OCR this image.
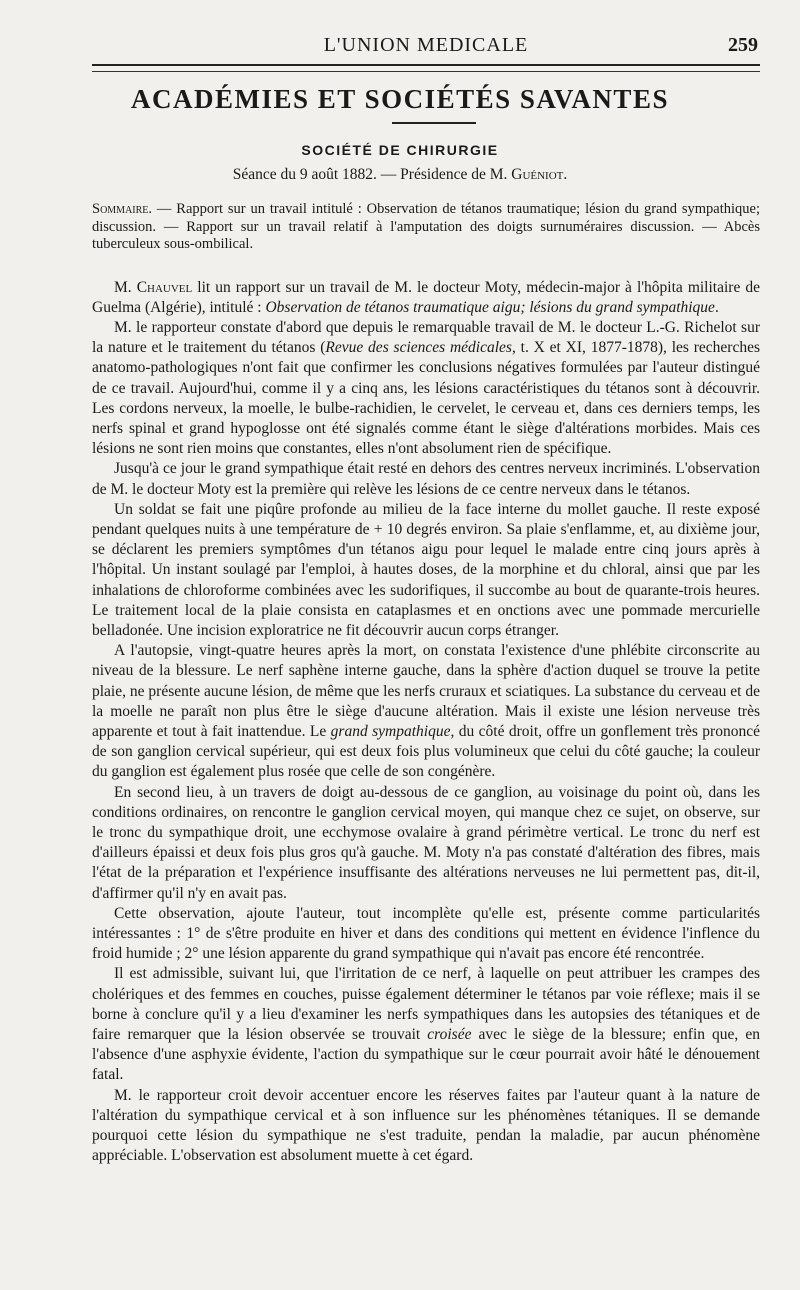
L'UNION MEDICALE	259
ACADÉMIES ET SOCIÉTÉS SAVANTES
SOCIÉTÉ DE CHIRURGIE
Séance du 9 août 1882. — Présidence de M. Guéniot.

Sommaire. — Rapport sur un travail intitulé : Observation de tétanos traumatique; lésion du grand sympathique; discussion. — Rapport sur un travail relatif à l'amputation des doigts surnuméraires discussion. — Abcès tuberculeux sous-ombilical.

M. Chauvel lit un rapport sur un travail de M. le docteur Moty, médecin-major à l'hôpita militaire de Guelma (Algérie), intitulé : Observation de tétanos traumatique aigu; lésions du grand sympathique.

M. le rapporteur constate d'abord que depuis le remarquable travail de M. le docteur L.-G. Richelot sur la nature et le traitement du tétanos (Revue des sciences médicales, t. X et XI, 1877-1878), les recherches anatomo-pathologiques n'ont fait que confirmer les conclusions négatives formulées par l'auteur distingué de ce travail. Aujourd'hui, comme il y a cinq ans, les lésions caractéristiques du tétanos sont à découvrir. Les cordons nerveux, la moelle, le bulbe-rachidien, le cervelet, le cerveau et, dans ces derniers temps, les nerfs spinal et grand hypoglosse ont été signalés comme étant le siège d'altérations morbides. Mais ces lésions ne sont rien moins que constantes, elles n'ont absolument rien de spécifique.

Jusqu'à ce jour le grand sympathique était resté en dehors des centres nerveux incriminés. L'observation de M. le docteur Moty est la première qui relève les lésions de ce centre nerveux dans le tétanos.

Un soldat se fait une piqûre profonde au milieu de la face interne du mollet gauche. Il reste exposé pendant quelques nuits à une température de + 10 degrés environ. Sa plaie s'enflamme, et, au dixième jour, se déclarent les premiers symptômes d'un tétanos aigu pour lequel le malade entre cinq jours après à l'hôpital. Un instant soulagé par l'emploi, à hautes doses, de la morphine et du chloral, ainsi que par les inhalations de chloroforme combinées avec les sudorifiques, il succombe au bout de quarante-trois heures. Le traitement local de la plaie consista en cataplasmes et en onctions avec une pommade mercurielle belladonée. Une incision exploratrice ne fit découvrir aucun corps étranger.

A l'autopsie, vingt-quatre heures après la mort, on constata l'existence d'une phlébite circonscrite au niveau de la blessure. Le nerf saphène interne gauche, dans la sphère d'action duquel se trouve la petite plaie, ne présente aucune lésion, de même que les nerfs cruraux et sciatiques. La substance du cerveau et de la moelle ne paraît non plus être le siège d'aucune altération. Mais il existe une lésion nerveuse très apparente et tout à fait inattendue. Le grand sympathique, du côté droit, offre un gonflement très prononcé de son ganglion cervical supérieur, qui est deux fois plus volumineux que celui du côté gauche; la couleur du ganglion est également plus rosée que celle de son congénère.

En second lieu, à un travers de doigt au-dessous de ce ganglion, au voisinage du point où, dans les conditions ordinaires, on rencontre le ganglion cervical moyen, qui manque chez ce sujet, on observe, sur le tronc du sympathique droit, une ecchymose ovalaire à grand périmètre vertical. Le tronc du nerf est d'ailleurs épaissi et deux fois plus gros qu'à gauche. M. Moty n'a pas constaté d'altération des fibres, mais l'état de la préparation et l'expérience insuffisante des altérations nerveuses ne lui permettent pas, dit-il, d'affirmer qu'il n'y en avait pas.

Cette observation, ajoute l'auteur, tout incomplète qu'elle est, présente comme particularités intéressantes : 1° de s'être produite en hiver et dans des conditions qui mettent en évidence l'inflence du froid humide ; 2° une lésion apparente du grand sympathique qui n'avait pas encore été rencontrée.

Il est admissible, suivant lui, que l'irritation de ce nerf, à laquelle on peut attribuer les crampes des cholériques et des femmes en couches, puisse également déterminer le tétanos par voie réflexe; mais il se borne à conclure qu'il y a lieu d'examiner les nerfs sympathiques dans les autopsies des tétaniques et de faire remarquer que la lésion observée se trouvait croisée avec le siège de la blessure; enfin que, en l'absence d'une asphyxie évidente, l'action du sympathique sur le cœur pourrait avoir hâté le dénouement fatal.

M. le rapporteur croit devoir accentuer encore les réserves faites par l'auteur quant à la nature de l'altération du sympathique cervical et à son influence sur les phénomènes tétaniques. Il se demande pourquoi cette lésion du sympathique ne s'est traduite, pendan la maladie, par aucun phénomène appréciable. L'observation est absolument muette à cet égard.
